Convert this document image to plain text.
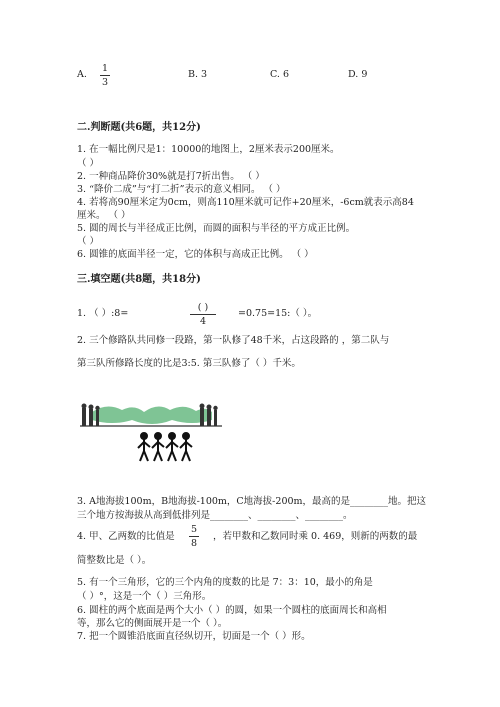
A.
1
3
B. 3	C. 6	D. 9
二.判断题(共6题，共12分)
1. 在一幅比例尺是1：10000的地图上，2厘米表示200厘米。
（ ）
2. 一种商品降价30%就是打7折出售。 （ ）
3. “降价二成”与“打二折”表示的意义相同。 （ ）
4. 若将高90厘米定为0cm，则高110厘米就可记作+20厘米，-6cm就表示高84
厘米。 （ ）
5. 圆的周长与半径成正比例，而圆的面积与半径的平方成正比例。
（ ）
6. 圆锥的底面半径一定，它的体积与高成正比例。 （ ）
三.填空题(共8题，共18分)
1. （ ）:8=
( )
4
=0.75=15:（ ）。
2. 三个修路队共同修一段路，第一队修了48千米，占这段路的 ，第二队与
第三队所修路长度的比是3:5. 第三队修了（ ）千米。
3. A地海拔100m，B地海拔-100m，C地海拔-200m，最高的是________地。把这
三个地方按海拔从高到低排列是________、________、________。
4. 甲、乙两数的比值是
5
8
，若甲数和乙数同时乘 0. 469，则新的两数的最
简整数比是（ ）。
5. 有一个三角形，它的三个内角的度数的比是 7：3：10，最小的角是
（ ）°，这是一个（ ）三角形。
6. 圆柱的两个底面是两个大小（ ）的圆，如果一个圆柱的底面周长和高相
等，那么它的侧面展开是一个（ ）。
7. 把一个圆锥沿底面直径纵切开，切面是一个（ ）形。
